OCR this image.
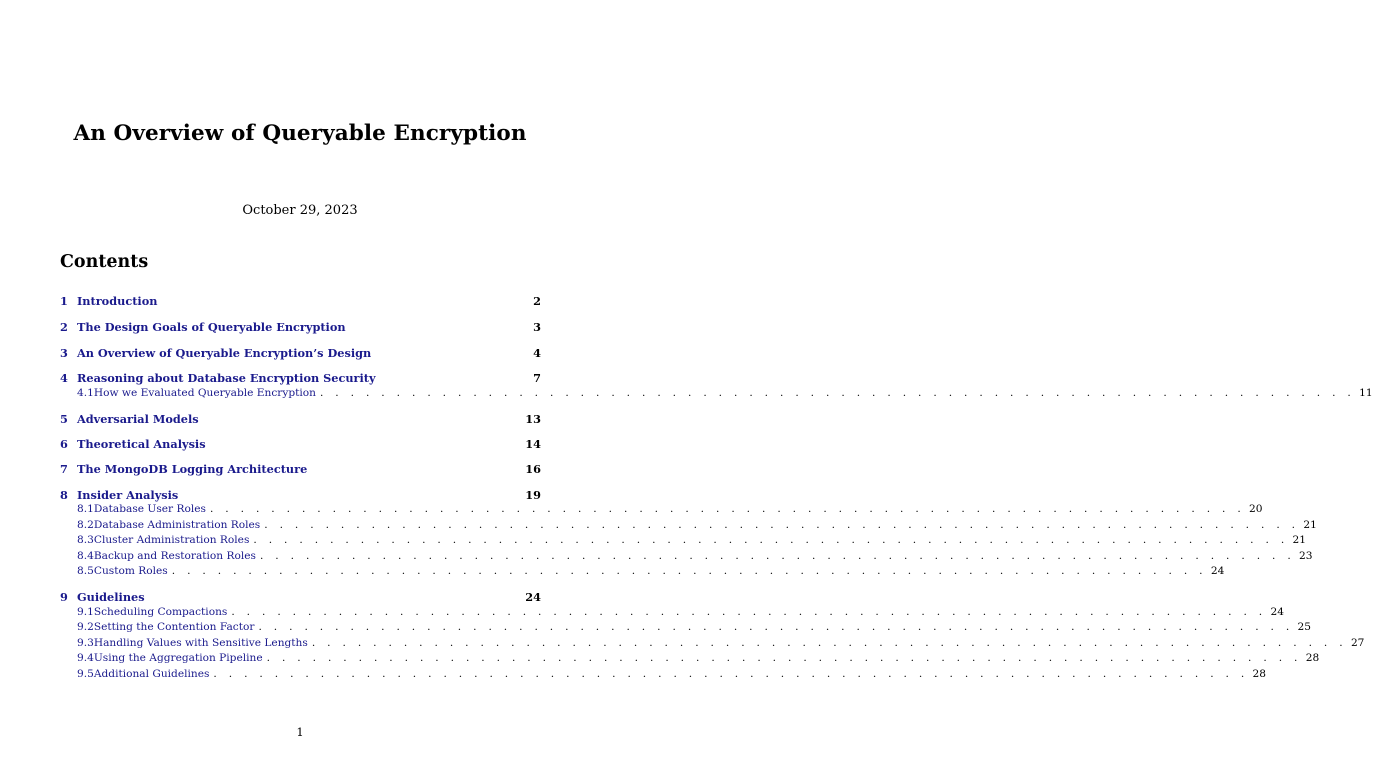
An Overview of Queryable Encryption
October 29, 2023
Contents
1 Introduction	2
2 The Design Goals of Queryable Encryption	3
3 An Overview of Queryable Encryption’s Design	4
4 Reasoning about Database Encryption Security	7
4.1 How we Evaluated Queryable Encryption . . . . . . . . . . . . . . . . . . . . . . . . . . . . . . . . . . . . . . . . . . . . . . . . . . . . . . . . . . . . . . . . . . . . 11
5 Adversarial Models	13
6 Theoretical Analysis	14
7 The MongoDB Logging Architecture	16
8 Insider Analysis	19
8.1 Database User Roles . . . . . . . . . . . . . . . . . . . . . . . . . . . . . . . . . . . . . . . . . . . . . . . . . . . . . . . . . . . . . . . . . . . . 20
8.2 Database Administration Roles . . . . . . . . . . . . . . . . . . . . . . . . . . . . . . . . . . . . . . . . . . . . . . . . . . . . . . . . . . . . . . . . . . . . 21
8.3 Cluster Administration Roles . . . . . . . . . . . . . . . . . . . . . . . . . . . . . . . . . . . . . . . . . . . . . . . . . . . . . . . . . . . . . . . . . . . . 21
8.4 Backup and Restoration Roles . . . . . . . . . . . . . . . . . . . . . . . . . . . . . . . . . . . . . . . . . . . . . . . . . . . . . . . . . . . . . . . . . . . . 23
8.5 Custom Roles . . . . . . . . . . . . . . . . . . . . . . . . . . . . . . . . . . . . . . . . . . . . . . . . . . . . . . . . . . . . . . . . . . . . 24
9 Guidelines	24
9.1 Scheduling Compactions . . . . . . . . . . . . . . . . . . . . . . . . . . . . . . . . . . . . . . . . . . . . . . . . . . . . . . . . . . . . . . . . . . . . 24
9.2 Setting the Contention Factor . . . . . . . . . . . . . . . . . . . . . . . . . . . . . . . . . . . . . . . . . . . . . . . . . . . . . . . . . . . . . . . . . . . . 25
9.3 Handling Values with Sensitive Lengths . . . . . . . . . . . . . . . . . . . . . . . . . . . . . . . . . . . . . . . . . . . . . . . . . . . . . . . . . . . . . . . . . . . . 27
9.4 Using the Aggregation Pipeline . . . . . . . . . . . . . . . . . . . . . . . . . . . . . . . . . . . . . . . . . . . . . . . . . . . . . . . . . . . . . . . . . . . . 28
9.5 Additional Guidelines . . . . . . . . . . . . . . . . . . . . . . . . . . . . . . . . . . . . . . . . . . . . . . . . . . . . . . . . . . . . . . . . . . . . 28
1
